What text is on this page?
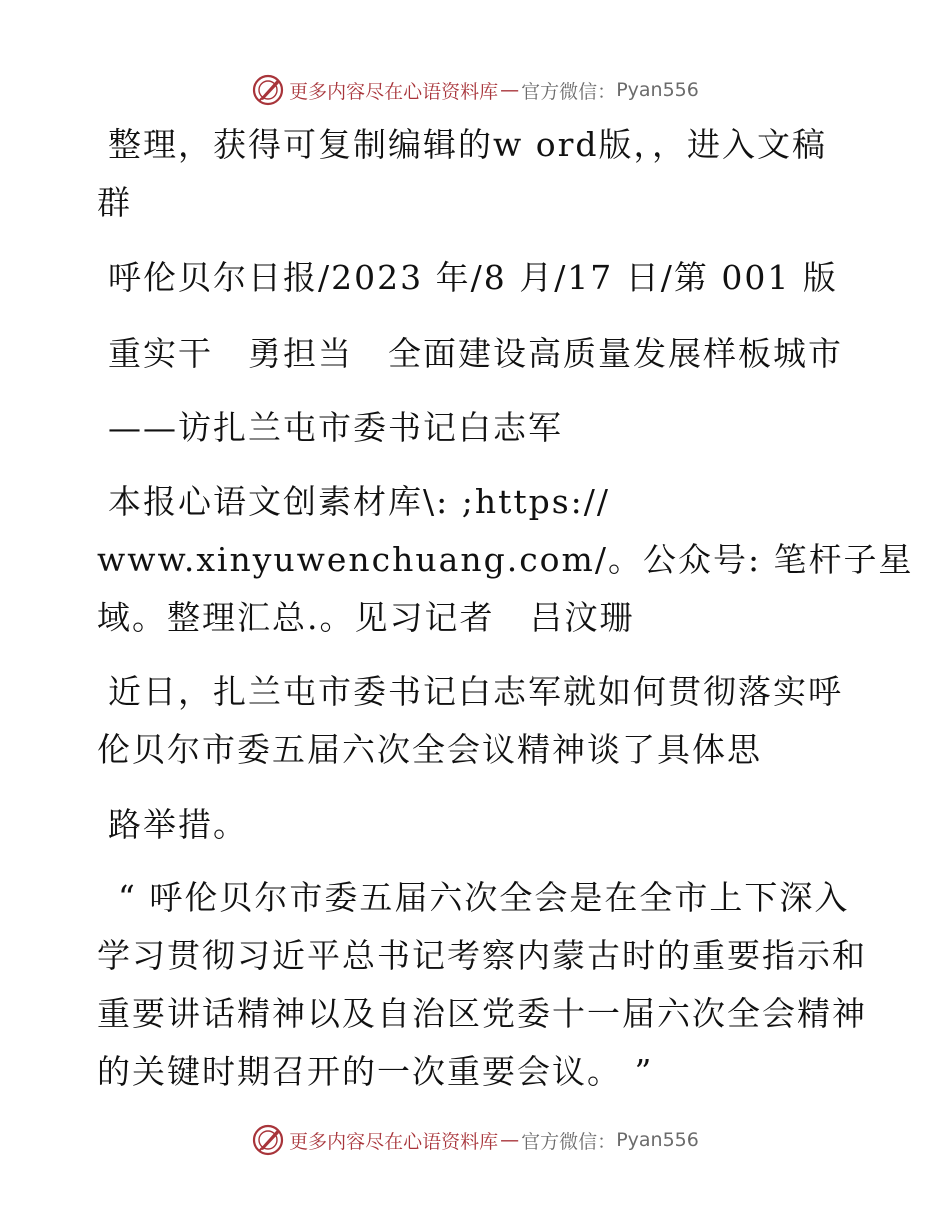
更多内容尽在心语资料库 — 官方微信： Pyan556
整理，获得可复制编辑的w ord版，，进入文稿
群
呼伦贝尔日报/2023 年/8 月/17 日/第 001 版
重实干　勇担当　全面建设高质量发展样板城市
——访扎兰屯市委书记白志军
本报心语文创素材库\: ;https://
www.xinyuwenchuang.com/。公众号: 笔杆子星
域。整理汇总.。见习记者　吕汶珊
近日，扎兰屯市委书记白志军就如何贯彻落实呼
伦贝尔市委五届六次全会议精神谈了具体思
路举措。
“ 呼伦贝尔市委五届六次全会是在全市上下深入
学习贯彻习近平总书记考察内蒙古时的重要指示和
重要讲话精神以及自治区党委十一届六次全会精神
的关键时期召开的一次重要会议。 ”
更多内容尽在心语资料库 — 官方微信： Pyan556
